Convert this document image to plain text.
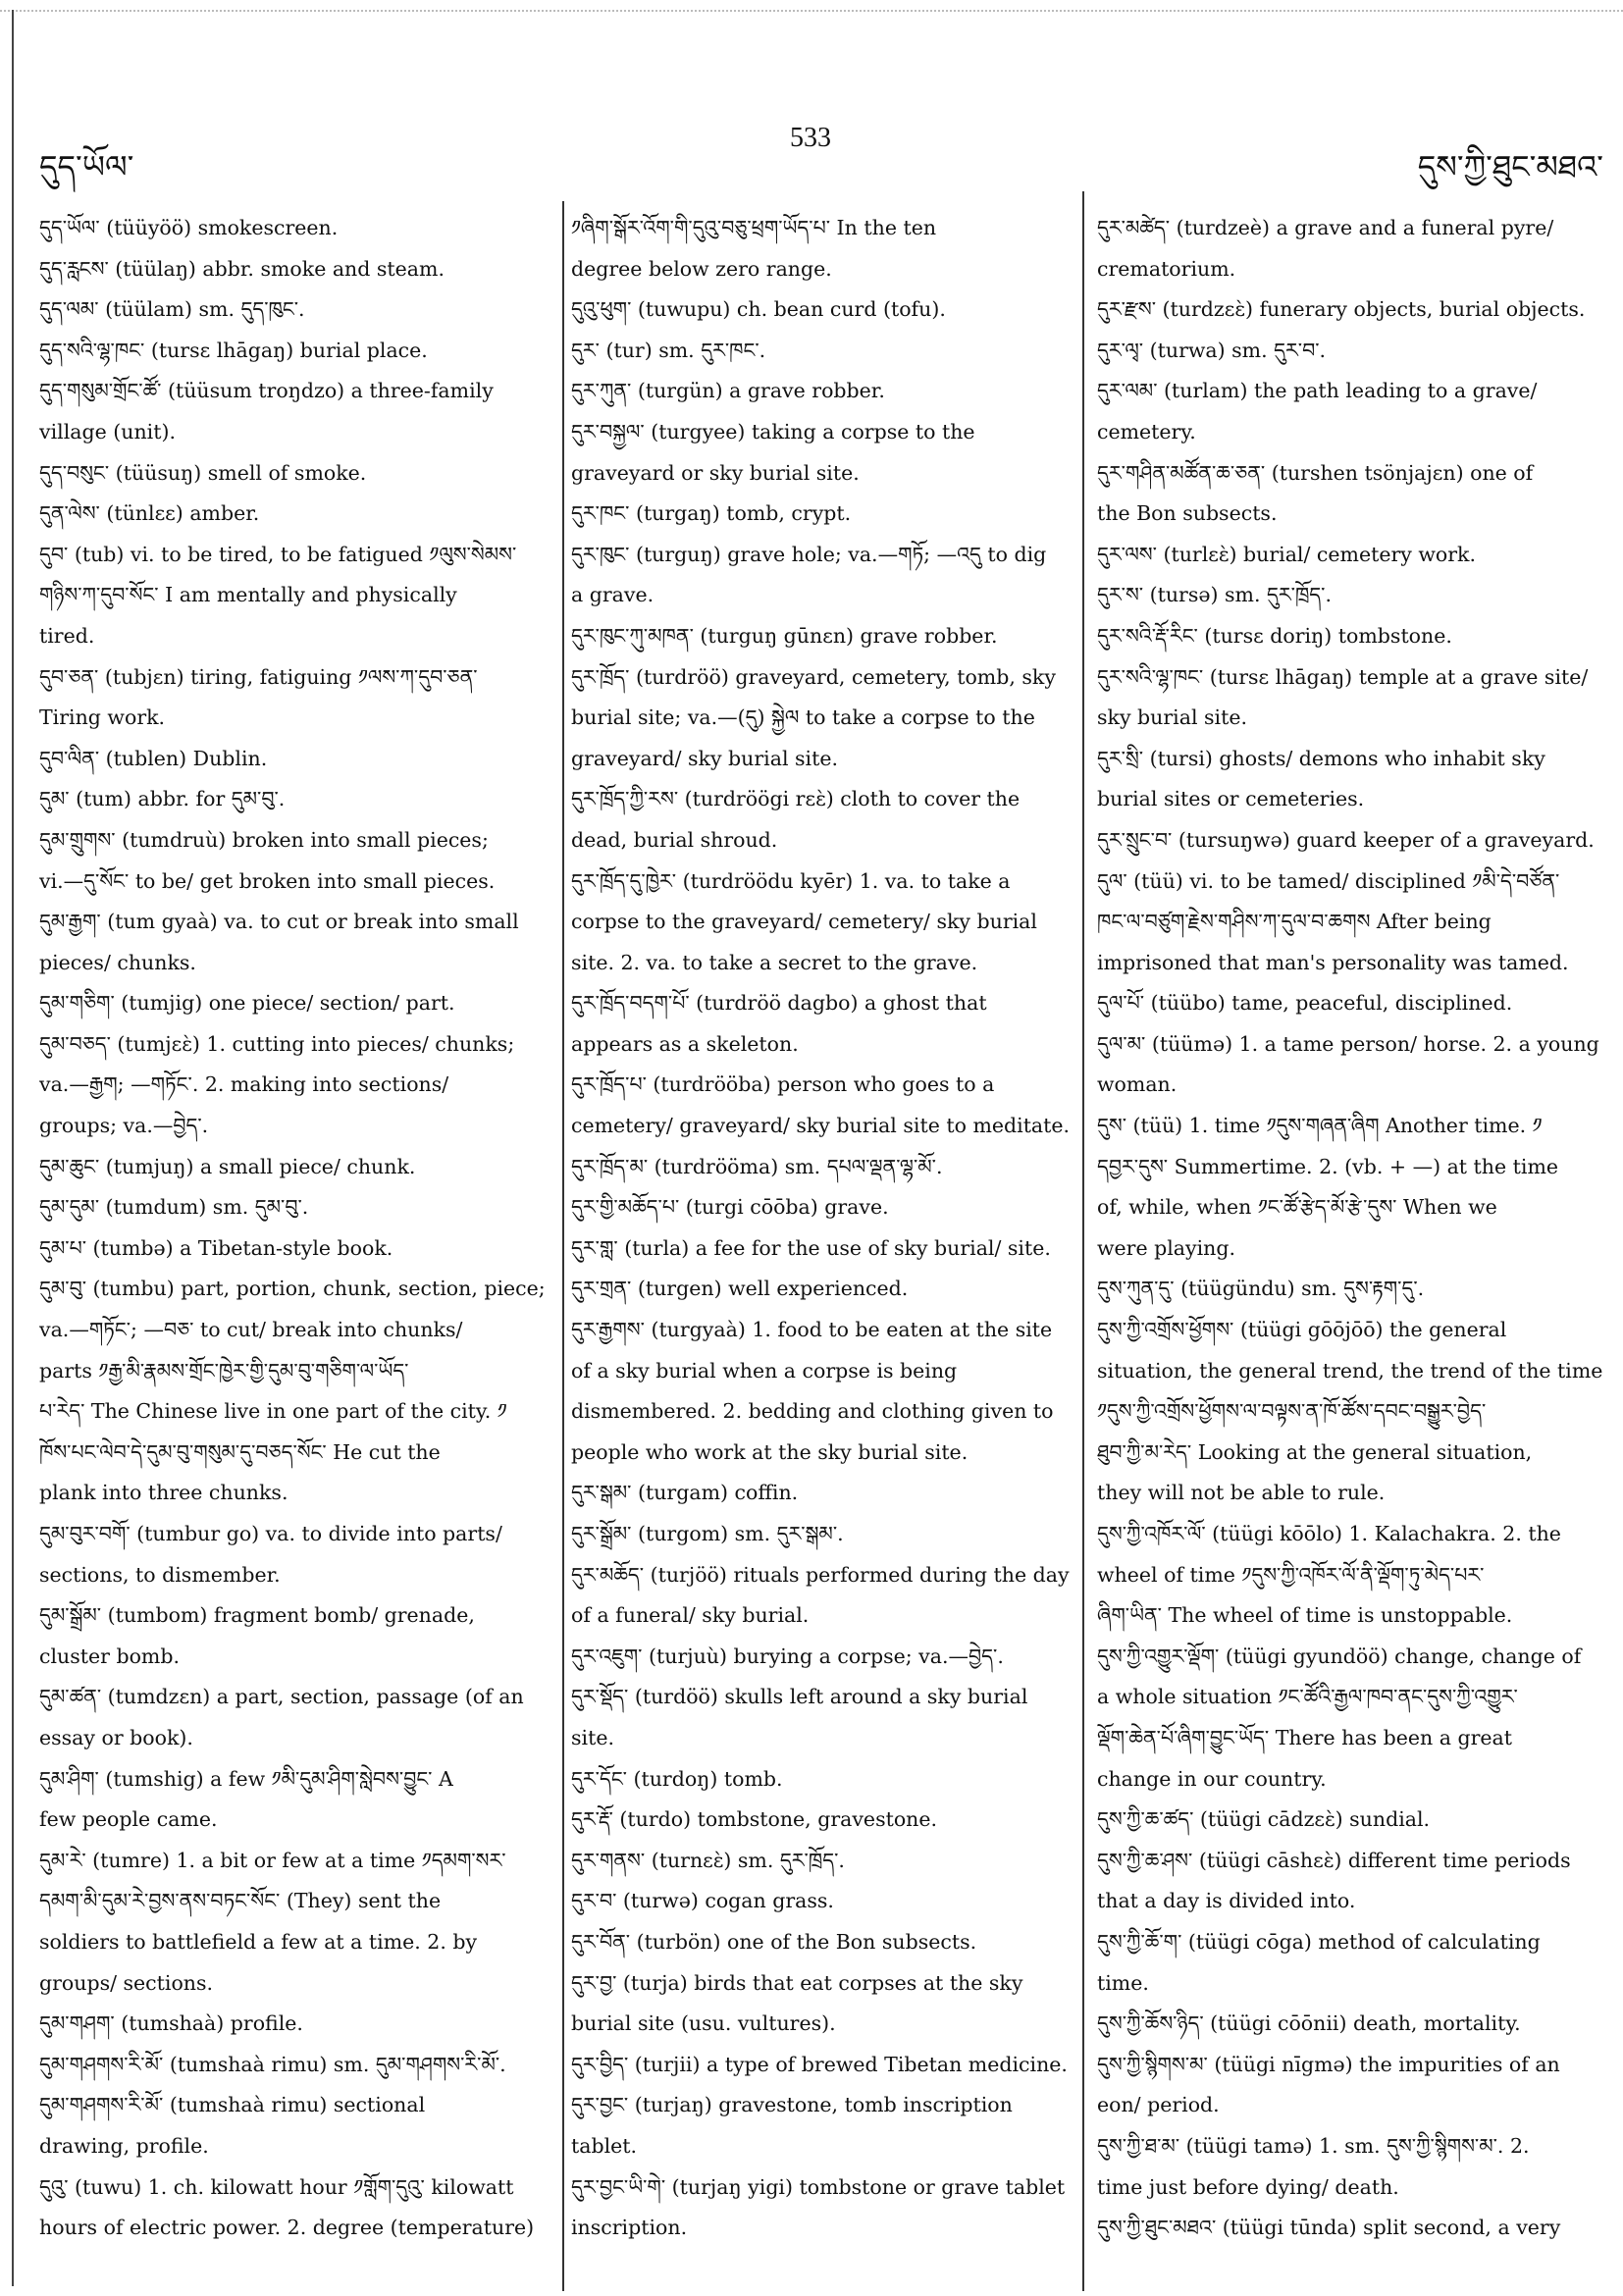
དུད་ཡོལ་
533
དུས་ཀྱི་ཐུང་མཐའ་

དུད་ཡོལ་ (tüüyöö) smokescreen.

དུད་རླངས་ (tüülaŋ) abbr. smoke and steam.

དུད་ལམ་ (tüülam) sm. དུད་ཁུང་.

དུད་སའི་ལྷ་ཁང་ (tursɛ lhāgaŋ) burial place.

དུད་གསུམ་གྲོང་ཚོ་ (tüüsum troŋdzo) a three-family
village (unit).

དུད་བསུང་ (tüüsuŋ) smell of smoke.

དུན་ལེས་ (tünlɛɛ) amber.

དུབ་ (tub) vi. to be tired, to be fatigued ༡ལུས་སེམས་
གཉིས་ཀ་དུབ་སོང་ I am mentally and physically
tired.

དུབ་ཅན་ (tubjɛn) tiring, fatiguing ༡ལས་ཀ་དུབ་ཅན་
Tiring work.

དུབ་ལིན་ (tublen) Dublin.

དུམ་ (tum) abbr. for དུམ་བུ་.

དུམ་གྲུགས་ (tumdruù) broken into small pieces;
vi.—དུ་སོང་ to be/ get broken into small pieces.

དུམ་རྒྱག་ (tum gyaà) va. to cut or break into small
pieces/ chunks.

དུམ་གཅིག་ (tumjig) one piece/ section/ part.

དུམ་བཅད་ (tumjɛɛ̀) 1. cutting into pieces/ chunks;
va.—རྒྱག; —གཏོང་. 2. making into sections/
groups; va.—བྱེད་.

དུམ་ཆུང་ (tumjuŋ) a small piece/ chunk.

དུམ་དུམ་ (tumdum) sm. དུམ་བུ་.

དུམ་པ་ (tumbə) a Tibetan-style book.

དུམ་བུ་ (tumbu) part, portion, chunk, section, piece;
va.—གཏོང་; —བཅ་ to cut/ break into chunks/
parts ༡རྒྱ་མི་རྣམས་གྲོང་ཁྱེར་གྱི་དུམ་བུ་གཅིག་ལ་ཡོད་
པ་རེད་ The Chinese live in one part of the city. ༡
ཁོས་པང་ལེབ་དེ་དུམ་བུ་གསུམ་དུ་བཅད་སོང་ He cut the
plank into three chunks.

དུམ་བུར་བགོ་ (tumbur go) va. to divide into parts/
sections, to dismember.

དུམ་སྒྲོམ་ (tumbom) fragment bomb/ grenade,
cluster bomb.

དུམ་ཚན་ (tumdzɛn) a part, section, passage (of an
essay or book).

དུམ་ཤིག་ (tumshig) a few ༡མི་དུམ་ཤིག་སླེབས་བྱུང་ A
few people came.

དུམ་རེ་ (tumre) 1. a bit or few at a time ༡དམག་སར་
དམག་མི་དུམ་རེ་བྱས་ནས་བཏང་སོང་ (They) sent the
soldiers to battlefield a few at a time. 2. by
groups/ sections.

དུམ་གཤག་ (tumshaà) profile.

དུམ་གཤགས་རི་མོ་ (tumshaà rimu) sm. དུམ་གཤགས་རི་མོ་.

དུམ་གཤགས་རི་མོ་ (tumshaà rimu) sectional
drawing, profile.

དུའུ་ (tuwu) 1. ch. kilowatt hour ༡གློག་དུའུ་ kilowatt
hours of electric power. 2. degree (temperature)

༡ཞིག་སྒོར་འོག་གི་དུའུ་བཅུ་ཕྲག་ཡོད་པ་ In the ten
degree below zero range.

དུའུ་ཕུག་ (tuwupu) ch. bean curd (tofu).

དུར་ (tur) sm. དུར་ཁང་.

དུར་ཀུན་ (turgün) a grave robber.

དུར་བསྐྱལ་ (turgyee) taking a corpse to the
graveyard or sky burial site.

དུར་ཁང་ (turgaŋ) tomb, crypt.

དུར་ཁུང་ (turguŋ) grave hole; va.—གཏོ; —འདུ to dig
a grave.

དུར་ཁུང་ཀུ་མཁན་ (turguŋ gūnɛn) grave robber.

དུར་ཁྲོད་ (turdröö) graveyard, cemetery, tomb, sky
burial site; va.—(དུ) སྐྱེལ to take a corpse to the
graveyard/ sky burial site.

དུར་ཁྲོད་ཀྱི་རས་ (turdröögi rɛɛ̀) cloth to cover the
dead, burial shroud.

དུར་ཁྲོད་དུ་ཁྱེར་ (turdröödu kyēr) 1. va. to take a
corpse to the graveyard/ cemetery/ sky burial
site. 2. va. to take a secret to the grave.

དུར་ཁྲོད་བདག་པོ་ (turdröö dagbo) a ghost that
appears as a skeleton.

དུར་ཁྲོད་པ་ (turdrööba) person who goes to a
cemetery/ graveyard/ sky burial site to meditate.

དུར་ཁྲོད་མ་ (turdrööma) sm. དཔལ་ལྡན་ལྷ་མོ་.

དུར་གྱི་མཆོད་པ་ (turgi cōōba) grave.

དུར་གླ་ (turla) a fee for the use of sky burial/ site.

དུར་གྲན་ (turgen) well experienced.

དུར་རྒྱགས་ (turgyaà) 1. food to be eaten at the site
of a sky burial when a corpse is being
dismembered. 2. bedding and clothing given to
people who work at the sky burial site.

དུར་སྒམ་ (turgam) coffin.

དུར་སྒྲོམ་ (turgom) sm. དུར་སྒམ་.

དུར་མཆོད་ (turjöö) rituals performed during the day
of a funeral/ sky burial.

དུར་འཇུག་ (turjuù) burying a corpse; va.—བྱེད་.

དུར་སྡོད་ (turdöö) skulls left around a sky burial
site.

དུར་དོང་ (turdoŋ) tomb.

དུར་རྡོ་ (turdo) tombstone, gravestone.

དུར་གནས་ (turnɛɛ̀) sm. དུར་ཁྲོད་.

དུར་བ་ (turwə) cogan grass.

དུར་བོན་ (turbön) one of the Bon subsects.

དུར་བྱ་ (turja) birds that eat corpses at the sky
burial site (usu. vultures).

དུར་བྱིད་ (turjii) a type of brewed Tibetan medicine.

དུར་བྱང་ (turjaŋ) gravestone, tomb inscription
tablet.

དུར་བྱང་ཡི་གེ་ (turjaŋ yigi) tombstone or grave tablet
inscription.

དུར་མཚེད་ (turdzeè) a grave and a funeral pyre/
crematorium.

དུར་རྫས་ (turdzɛɛ̀) funerary objects, burial objects.

དུར་ལྭ་ (turwa) sm. དུར་བ་.

དུར་ལམ་ (turlam) the path leading to a grave/
cemetery.

དུར་གཤིན་མཚོན་ཆ་ཅན་ (turshen tsönjajɛn) one of
the Bon subsects.

དུར་ལས་ (turlɛɛ̀) burial/ cemetery work.

དུར་ས་ (tursə) sm. དུར་ཁྲོད་.

དུར་སའི་རྡོ་རིང་ (tursɛ doriŋ) tombstone.

དུར་སའི་ལྷ་ཁང་ (tursɛ lhāgaŋ) temple at a grave site/
sky burial site.

དུར་སྲི་ (tursi) ghosts/ demons who inhabit sky
burial sites or cemeteries.

དུར་སྲུང་བ་ (tursuŋwə) guard keeper of a graveyard.

དུལ་ (tüü) vi. to be tamed/ disciplined ༡མི་དེ་བཙོན་
ཁང་ལ་བཙུག་རྗེས་གཤིས་ཀ་དུལ་བ་ཆགས After being
imprisoned that man's personality was tamed.

དུལ་པོ་ (tüübo) tame, peaceful, disciplined.

དུལ་མ་ (tüümə) 1. a tame person/ horse. 2. a young
woman.

དུས་ (tüü) 1. time ༡དུས་གཞན་ཞིག Another time. ༡
དབྱར་དུས་ Summertime. 2. (vb. + —) at the time
of, while, when ༡ང་ཚོ་རྩེད་མོ་རྩེ་དུས་ When we
were playing.

དུས་ཀུན་དུ་ (tüügündu) sm. དུས་རྟག་དུ་.

དུས་ཀྱི་འགྲོས་ཕྱོགས་ (tüügi gōōjōō) the general
situation, the general trend, the trend of the time
༡དུས་ཀྱི་འགྲོས་ཕྱོགས་ལ་བལྟས་ན་ཁོ་ཚོས་དབང་བསྒྱུར་བྱེད་
ཐུབ་ཀྱི་མ་རེད་ Looking at the general situation,
they will not be able to rule.

དུས་ཀྱི་འཁོར་ལོ་ (tüügi kōōlo) 1. Kalachakra. 2. the
wheel of time ༡དུས་ཀྱི་འཁོར་ལོ་ནི་ལྡོག་ཏུ་མེད་པར་
ཞིག་ཡིན་ The wheel of time is unstoppable.

དུས་ཀྱི་འགྱུར་ལྡོག་ (tüügi gyundöö) change, change of
a whole situation ༡ང་ཚོའི་རྒྱལ་ཁབ་ནང་དུས་ཀྱི་འགྱུར་
ལྡོག་ཆེན་པོ་ཞིག་བྱུང་ཡོད་ There has been a great
change in our country.

དུས་ཀྱི་ཆ་ཚད་ (tüügi cādzɛɛ̀) sundial.

དུས་ཀྱི་ཆ་ཤས་ (tüügi cāshɛɛ̀) different time periods
that a day is divided into.

དུས་ཀྱི་ཆོ་ག་ (tüügi cōga) method of calculating
time.

དུས་ཀྱི་ཆོས་ཉིད་ (tüügi cōōnii) death, mortality.

དུས་ཀྱི་སྙིགས་མ་ (tüügi nīgmə) the impurities of an
eon/ period.

དུས་ཀྱི་ཐ་མ་ (tüügi tamə) 1. sm. དུས་ཀྱི་སྙིགས་མ་. 2.
time just before dying/ death.

དུས་ཀྱི་ཐུང་མཐའ་ (tüügi tūnda) split second, a very
